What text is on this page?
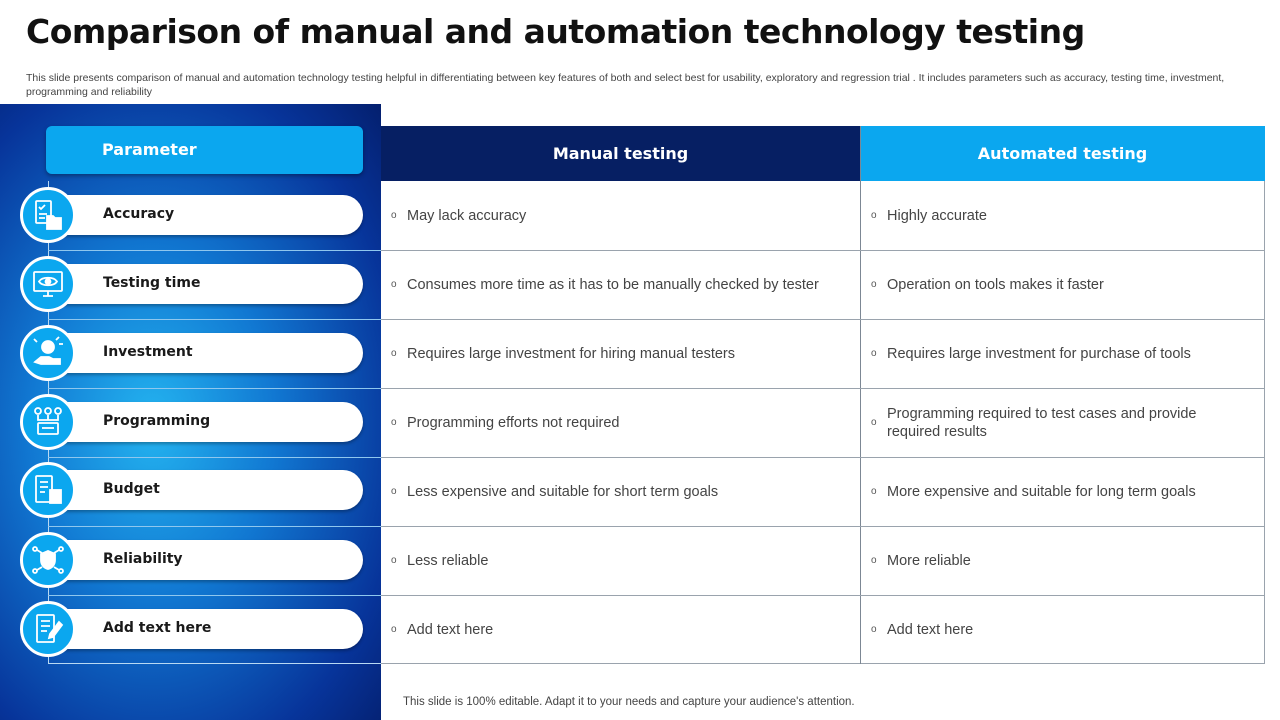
Comparison of manual and automation technology testing
This slide presents comparison of manual and automation technology testing helpful in differentiating between key features of both and select best for usability, exploratory and regression trial . It includes parameters such as accuracy, testing time, investment, programming and reliability
Parameter
Accuracy
Testing time
Investment
Programming
Budget
Reliability
Add text here
Manual testing	Automated testing
o May lack accuracy
o Consumes more time as it has to be manually checked by tester
o Requires large investment for hiring manual testers
o Programming efforts not required
o Less expensive and suitable for short term goals
o Less reliable
o Add text here
o Highly accurate
o Operation on tools makes it faster
o Requires large investment for purchase of tools
o
Programming required to test cases and provide required results
o More expensive and suitable for long term goals
o More reliable
o Add text here
This slide is 100% editable. Adapt it to your needs and capture your audience's attention.
